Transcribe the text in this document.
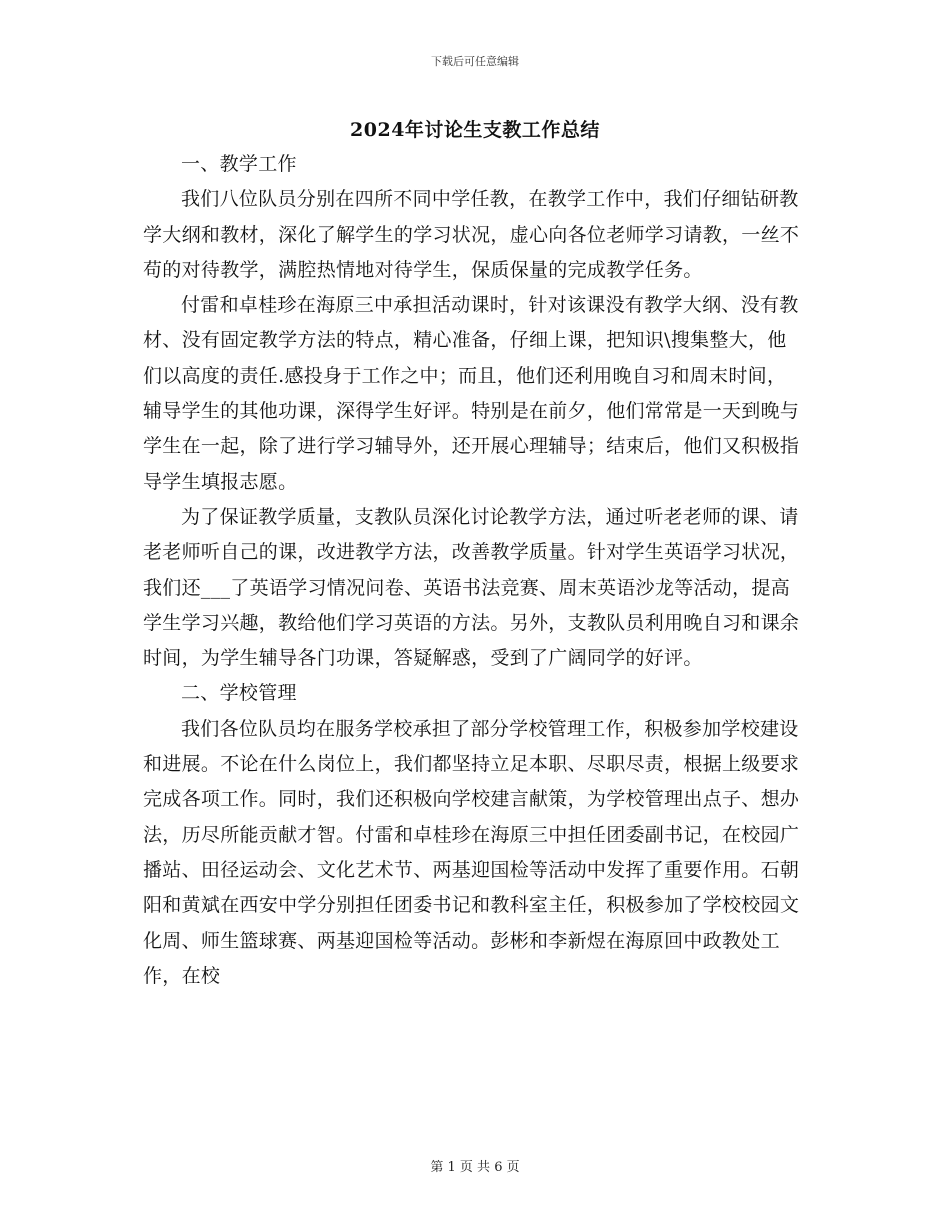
下载后可任意编辑
2024年讨论生支教工作总结

一、教学工作

我们八位队员分别在四所不同中学任教，在教学工作中，我们仔细钻研教学大纲和教材，深化了解学生的学习状况，虚心向各位老师学习请教，一丝不苟的对待教学，满腔热情地对待学生，保质保量的完成教学任务。

付雷和卓桂珍在海原三中承担活动课时，针对该课没有教学大纲、没有教材、没有固定教学方法的特点，精心准备，仔细上课，把知识\搜集整大，他们以高度的责任.感投身于工作之中；而且，他们还利用晚自习和周末时间，辅导学生的其他功课，深得学生好评。特别是在前夕，他们常常是一天到晚与学生在一起，除了进行学习辅导外，还开展心理辅导；结束后，他们又积极指导学生填报志愿。

为了保证教学质量，支教队员深化讨论教学方法，通过听老老师的课、请老老师听自己的课，改进教学方法，改善教学质量。针对学生英语学习状况，我们还___了英语学习情况问卷、英语书法竞赛、周末英语沙龙等活动，提高学生学习兴趣，教给他们学习英语的方法。另外，支教队员利用晚自习和课余时间，为学生辅导各门功课，答疑解惑，受到了广阔同学的好评。

二、学校管理

我们各位队员均在服务学校承担了部分学校管理工作，积极参加学校建设和进展。不论在什么岗位上，我们都坚持立足本职、尽职尽责，根据上级要求完成各项工作。同时，我们还积极向学校建言献策，为学校管理出点子、想办法，历尽所能贡献才智。付雷和卓桂珍在海原三中担任团委副书记，在校园广播站、田径运动会、文化艺术节、两基迎国检等活动中发挥了重要作用。石朝阳和黄斌在西安中学分别担任团委书记和教科室主任，积极参加了学校校园文化周、师生篮球赛、两基迎国检等活动。彭彬和李新煜在海原回中政教处工作，在校

第 1 页 共 6 页
